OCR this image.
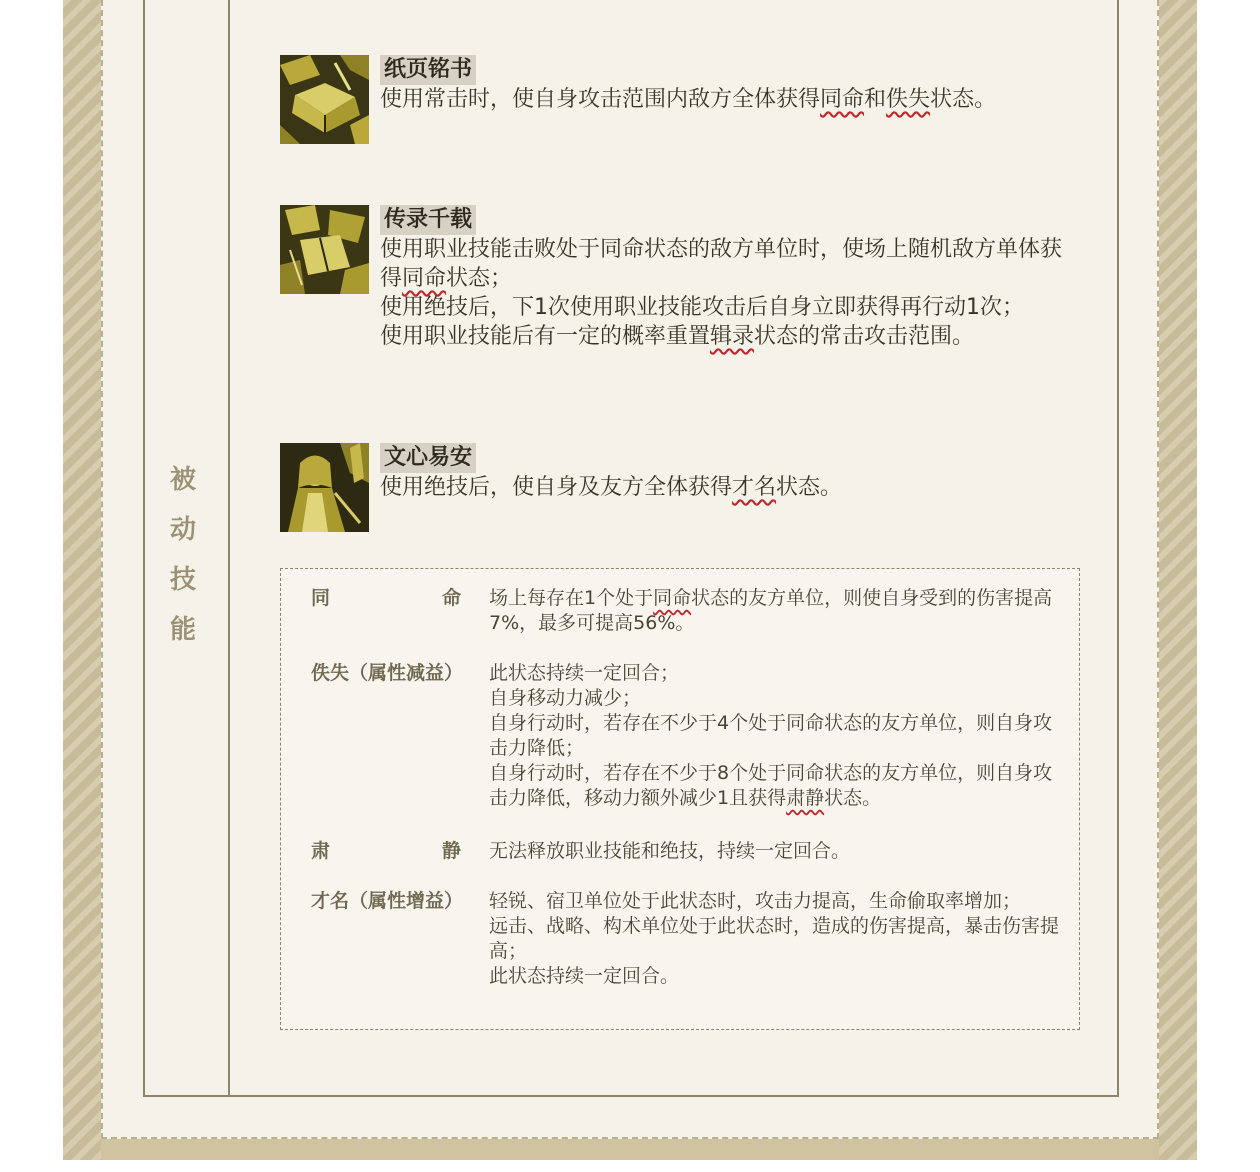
被
动
技
能
纸页铭书

使用常击时，使自身攻击范围内敌方全体获得同命和佚失状态。

传录千载

使用职业技能击败处于同命状态的敌方单位时，使场上随机敌方单体获得同命状态；

使用绝技后，下1次使用职业技能攻击后自身立即获得再行动1次；

使用职业技能后有一定的概率重置辑录状态的常击攻击范围。

文心易安

使用绝技后，使自身及友方全体获得才名状态。

同	命 场上每存在1个处于同命状态的友方单位，则使自身受到的伤害提高7%，最多可提高56%。

佚失（属性减益） 此状态持续一定回合；

自身移动力减少；

自身行动时，若存在不少于4个处于同命状态的友方单位，则自身攻击力降低；

自身行动时，若存在不少于8个处于同命状态的友方单位，则自身攻击力降低，移动力额外减少1且获得肃静状态。

肃	静 无法释放职业技能和绝技，持续一定回合。

才名（属性增益） 轻锐、宿卫单位处于此状态时，攻击力提高，生命偷取率增加；

远击、战略、构术单位处于此状态时，造成的伤害提高，暴击伤害提高；

此状态持续一定回合。
